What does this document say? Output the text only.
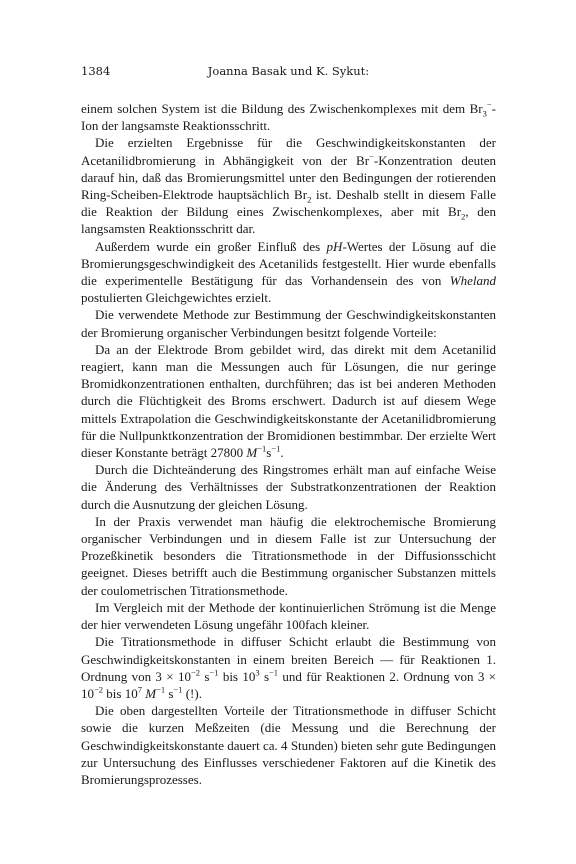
1384	Joanna Basak und K. Sykut:

einem solchen System ist die Bildung des Zwischenkomplexes mit dem $Br_3^-$-Ion der langsamste Reaktionsschritt.

Die erzielten Ergebnisse für die Geschwindigkeitskonstanten der Acetanilidbromierung in Abhängigkeit von der Br−-Konzentration deuten darauf hin, daß das Bromierungsmittel unter den Bedingungen der rotierenden Ring-Scheiben-Elektrode hauptsächlich $Br_2$ ist. Deshalb stellt in diesem Falle die Reaktion der Bildung eines Zwischenkomplexes, aber mit $Br_2$, den langsamsten Reaktionsschritt dar.

Außerdem wurde ein großer Einfluß des pH-Wertes der Lösung auf die Bromierungsgeschwindigkeit des Acetanilids festgestellt. Hier wurde ebenfalls die experimentelle Bestätigung für das Vorhandensein des von Wheland postulierten Gleichgewichtes erzielt.

Die verwendete Methode zur Bestimmung der Geschwindigkeitskonstanten der Bromierung organischer Verbindungen besitzt folgende Vorteile:

Da an der Elektrode Brom gebildet wird, das direkt mit dem Acetanilid reagiert, kann man die Messungen auch für Lösungen, die nur geringe Bromidkonzentrationen enthalten, durchführen; das ist bei anderen Methoden durch die Flüchtigkeit des Broms erschwert. Dadurch ist auf diesem Wege mittels Extrapolation die Geschwindigkeitskonstante der Acetanilidbromierung für die Nullpunktkonzentration der Bromidionen bestimmbar. Der erzielte Wert dieser Konstante beträgt 27800 $M^{-1}s^{-1}$.

Durch die Dichteänderung des Ringstromes erhält man auf einfache Weise die Änderung des Verhältnisses der Substratkonzentrationen der Reaktion durch die Ausnutzung der gleichen Lösung.

In der Praxis verwendet man häufig die elektrochemische Bromierung organischer Verbindungen und in diesem Falle ist zur Untersuchung der Prozeßkinetik besonders die Titrationsmethode in der Diffusionsschicht geeignet. Dieses betrifft auch die Bestimmung organischer Substanzen mittels der coulometrischen Titrationsmethode.

Im Vergleich mit der Methode der kontinuierlichen Strömung ist die Menge der hier verwendeten Lösung ungefähr 100fach kleiner.

Die Titrationsmethode in diffuser Schicht erlaubt die Bestimmung von Geschwindigkeitskonstanten in einem breiten Bereich — für Reaktionen 1. Ordnung von $3 \times 10^{-2}$ $s^{-1}$ bis $10^3$ $s^{-1}$ und für Reaktionen 2. Ordnung von $3 \times 10^{-2}$ bis $10^7$ $M^{-1}$ $s^{-1}$ (!).

Die oben dargestellten Vorteile der Titrationsmethode in diffuser Schicht sowie die kurzen Meßzeiten (die Messung und die Berechnung der Geschwindigkeitskonstante dauert ca. 4 Stunden) bieten sehr gute Bedingungen zur Untersuchung des Einflusses verschiedener Faktoren auf die Kinetik des Bromierungsprozesses.
